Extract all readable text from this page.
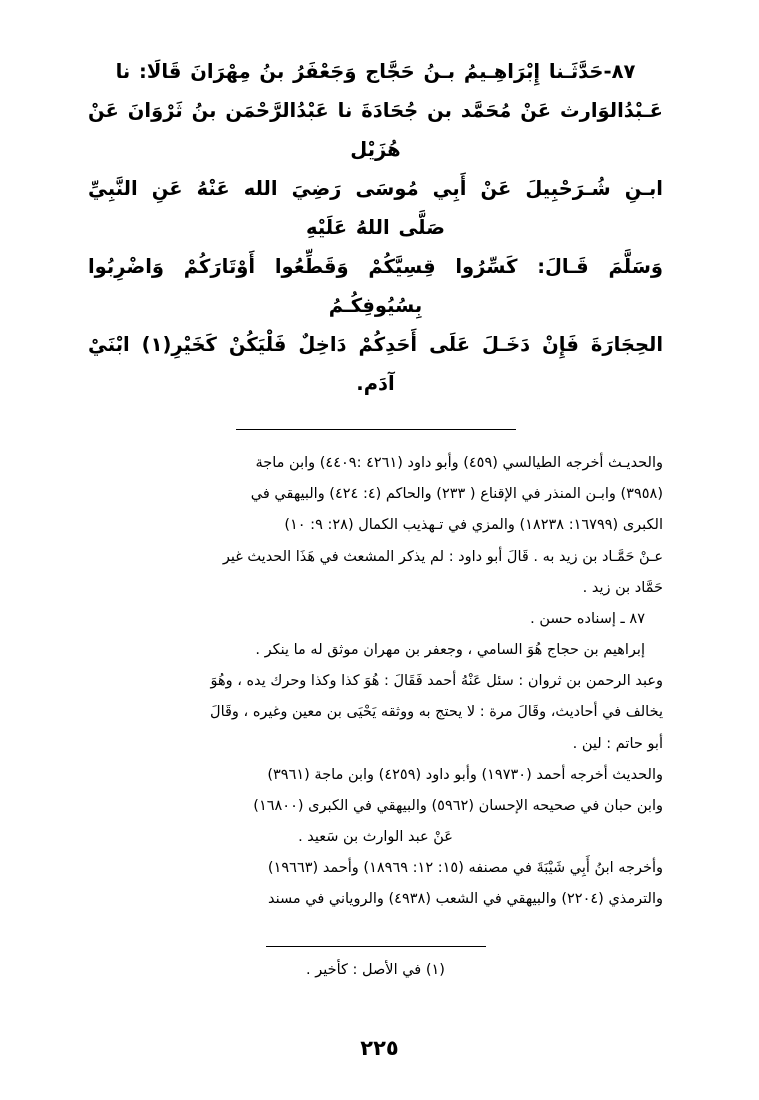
٨٧-حَدَّثَـنا إِبْرَاهِـيمُ بـنُ حَجَّاج وَجَعْفَرُ بنُ مِهْرَانَ قَالَا: نا

عَـبْدُالوَارث عَنْ مُحَمَّد بن جُحَادَةَ نا عَبْدُالرَّحْمَن بنُ ثَرْوَانَ عَنْ هُزَيْل

ابـنِ شُـرَحْبِيلَ عَنْ أَبِي مُوسَى رَضِيَ الله عَنْهُ عَنِ النَّبِيِّ صَلَّى اللهُ عَلَيْهِ

وَسَلَّمَ قَـالَ: كَسِّرُوا قِسِيَّكُمْ وَقَطِّعُوا أَوْتَارَكُمْ وَاضْرِبُوا بِسُيُوفِكُـمُ

الحِجَارَةَ فَإِنْ دَخَـلَ عَلَى أَحَدِكُمْ دَاخِلٌ فَلْيَكُنْ كَخَيْرِ(١) ابْنَيْ آدَم.

والحديـث أخرجه الطيالسي (٤٥٩) وأبو داود (٤٢٦١ :٤٤٠٩) وابن ماجة

(٣٩٥٨) وابـن المنذر في الإقناع ( ٢٣٣) والحاكم (٤: ٤٢٤) والبيهقي في

الكبرى (١٦٧٩٩: ١٨٢٣٨) والمزي في تـهذيب الكمال (٢٨: ٩: ١٠)

عـنْ حَمَّـاد بن زيد به . قَالَ أبو داود : لم يذكر المشعث في هَذَا الحديث غير

حَمَّاد بن زيد .

٨٧ ـ إسناده حسن .

إبراهيم بن حجاج هُوَ السامي ، وجعفر بن مهران موثق له ما ينكر .

وعبد الرحمن بن ثروان : سئل عَنْهُ أحمد فَقَالَ : هُوَ كذا وكذا وحرك يده ، وهُوَ

يخالف في أحاديث، وقَالَ مرة : لا يحتج به ووثقه يَحْيَى بن معين وغيره ، وقَالَ

أبو حاتم : لين .

والحديث أخرجه أحمد (١٩٧٣٠) وأبو داود (٤٢٥٩) وابن ماجة (٣٩٦١)

وابن حبان في صحيحه الإحسان (٥٩٦٢) والبيهقي في الكبرى (١٦٨٠٠)

عَنْ عبد الوارث بن سَعيد .

وأخرجه ابنُ أَبِي شَيْبَةَ في مصنفه (١٥: ١٢: ١٨٩٦٩) وأحمد (١٩٦٦٣)

والترمذي (٢٢٠٤) والبيهقي في الشعب (٤٩٣٨) والروياني في مسند

(١) في الأصل : كأخير .
٢٢٥
